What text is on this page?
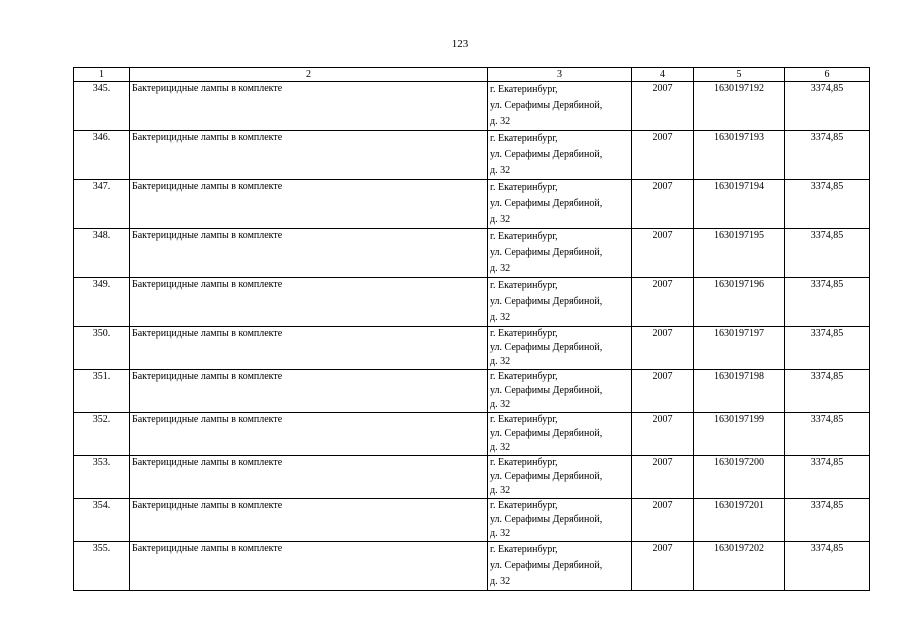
123
1	2	3	4	5	6
345.	Бактерицидные лампы в комплекте	г. Екатеринбург,
ул. Серафимы Дерябиной,
д. 32	2007	1630197192	3374,85
346.	Бактерицидные лампы в комплекте	г. Екатеринбург,
ул. Серафимы Дерябиной,
д. 32	2007	1630197193	3374,85
347.	Бактерицидные лампы в комплекте	г. Екатеринбург,
ул. Серафимы Дерябиной,
д. 32	2007	1630197194	3374,85
348.	Бактерицидные лампы в комплекте	г. Екатеринбург,
ул. Серафимы Дерябиной,
д. 32	2007	1630197195	3374,85
349.	Бактерицидные лампы в комплекте	г. Екатеринбург,
ул. Серафимы Дерябиной,
д. 32	2007	1630197196	3374,85
350.	Бактерицидные лампы в комплекте	г. Екатеринбург,
ул. Серафимы Дерябиной,
д. 32	2007	1630197197	3374,85
351.	Бактерицидные лампы в комплекте	г. Екатеринбург,
ул. Серафимы Дерябиной,
д. 32	2007	1630197198	3374,85
352.	Бактерицидные лампы в комплекте	г. Екатеринбург,
ул. Серафимы Дерябиной,
д. 32	2007	1630197199	3374,85
353.	Бактерицидные лампы в комплекте	г. Екатеринбург,
ул. Серафимы Дерябиной,
д. 32	2007	1630197200	3374,85
354.	Бактерицидные лампы в комплекте	г. Екатеринбург,
ул. Серафимы Дерябиной,
д. 32	2007	1630197201	3374,85
355.	Бактерицидные лампы в комплекте	г. Екатеринбург,
ул. Серафимы Дерябиной,
д. 32	2007	1630197202	3374,85
